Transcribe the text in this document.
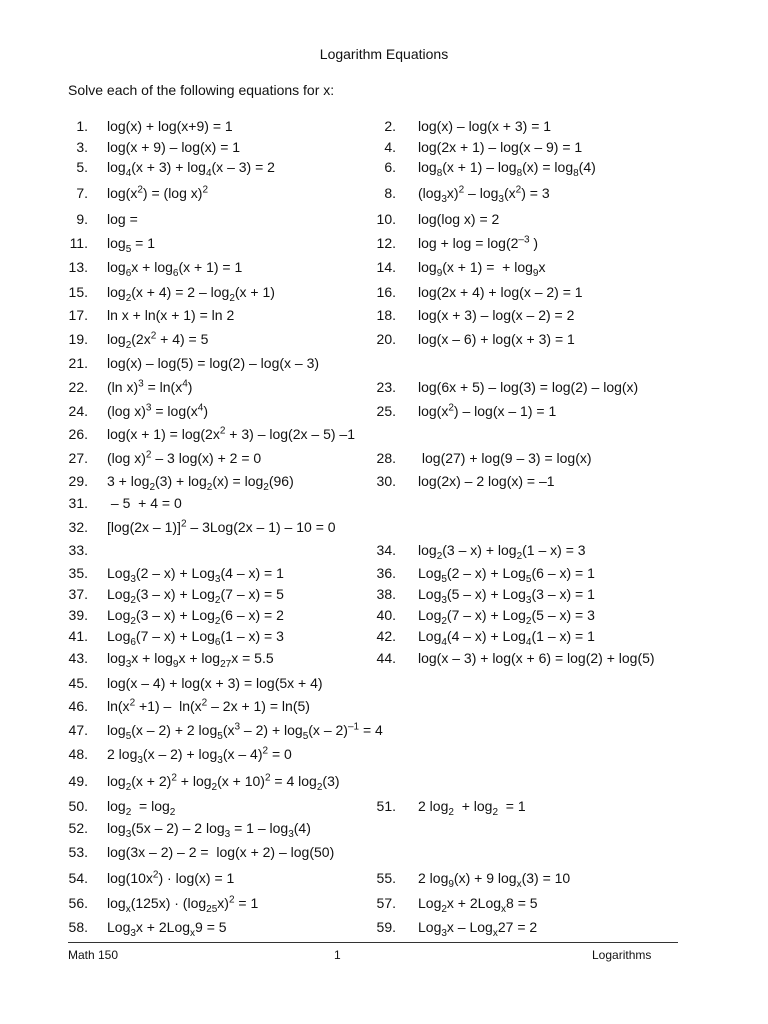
Logarithm Equations
Solve each of the following equations for x:
1. log(x) + log(x+9) = 1	2. log(x) – log(x + 3) = 1
3. log(x + 9) – log(x) = 1	4. log(2x + 1) – log(x – 9) = 1
5. $\log_4(x + 3) + \log_4(x - 3) = 2$	6. $\log_8(x + 1) - \log_8(x) = \log_8(4)$
7. $\log(x^2) = (\log$ x)$^2$	8. $(\log_3x)^2 - \log_3(x^2) = 3$
9. log =	10. log(log x) = 2
11. $\log_5 = 1$	12. $\log + \log = \log(2^{-3}$ )
13. $\log_6x + \log_6(x + 1) = 1$	14. $\log_9(x + 1)$ =  + $\log_9x$
15. $\log_2(x + 4) = 2 - \log_2(x + 1)$	16. log(2x + 4) + log(x – 2) = 1
17. ln x + ln(x + 1) = ln 2	18. log(x + 3) – log(x – 2) = 2
19. $\log_2(2x^2 + 4) = 5$	20. log(x – 6) + log(x + 3) = 1
21. log(x) – log(5) = log(2) – log(x – 3)
22. (ln $x)^3 = \ln(x^4)$	23. log(6x + 5) – log(3) = log(2) – log(x)
24. (log $x)^3 = \log(x^4)$	25. $\log(x^2) - \log(x - 1) = 1$
26. $\log(x + 1) = \log(2x^2 + 3) - \log(2x - 5)$ –1
27. (log x)$^2$ – 3 log(x) + 2 = 0	28. log(27) + log(9 – 3) = log(x)
29. $3 + \log_2(3) + \log_2(x) = \log_2(96)$	30. log(2x) – 2 log(x) = –1
31. – 5  + 4 = 0
32. [log(2x – 1)]$^2$ – 3Log(2x – 1) – 10 = 0
33.	34. $\log_2(3 - x) + \log_2(1 - x) = 3$
35. Log$_3$(2 – x) + Log$_3$(4 – x) = 1	36. Log$_5$(2 – x) + Log$_5$(6 – x) = 1
37. Log$_2$(3 – x) + Log$_2$(7 – x) = 5	38. Log$_3$(5 – x) + Log$_3$(3 – x) = 1
39. Log$_2$(3 – x) + Log$_2$(6 – x) = 2	40. Log$_2$(7 – x) + Log$_2$(5 – x) = 3
41. Log$_6$(7 – x) + Log$_6$(1 – x) = 3	42. Log$_4$(4 – x) + Log$_4$(1 – x) = 1
43. $\log_3x + \log_9x + \log_{27}x = 5.5$	44. log(x – 3) + log(x + 6) = log(2) + log(5)
45. log(x – 4) + log(x + 3) = log(5x + 4)
46. $\ln(x^2 +1) - \ln(x^2 - 2x + 1) = \ln(5)$
47. $\log_5(x - 2) + 2$ $\log_5(x^3 - 2) + \log_5(x - 2)^{-1} = 4$
48. 2 $\log_3(x - 2) + \log_3(x - 4)^2 = 0$
49. $\log_2(x + 2)^2 + \log_2(x + 10)^2 = 4$ $\log_2(3)$
50. $\log_2 = \log_2$	51. 2 $\log_2 + \log_2 = 1$
52. $\log_3(5x - 2) - 2$ $\log_3 = 1 - \log_3(4)$
53. log(3x – 2) – 2 =  log(x + 2) – log(50)
54. $\log(10x^2) \cdot \log(x) = 1$	55. 2 $\log_9(x) + 9$ $\log_x(3) = 10$
56. $\log_x(125x) \cdot (\log_{25}x)^2 = 1$	57. Log$_2$x + 2Log$_x$8 = 5
58. Log$_3$x + 2Log$_x$9 = 5	59. Log$_3$x – Log$_x$27 = 2
Math 150	1	Logarithms
